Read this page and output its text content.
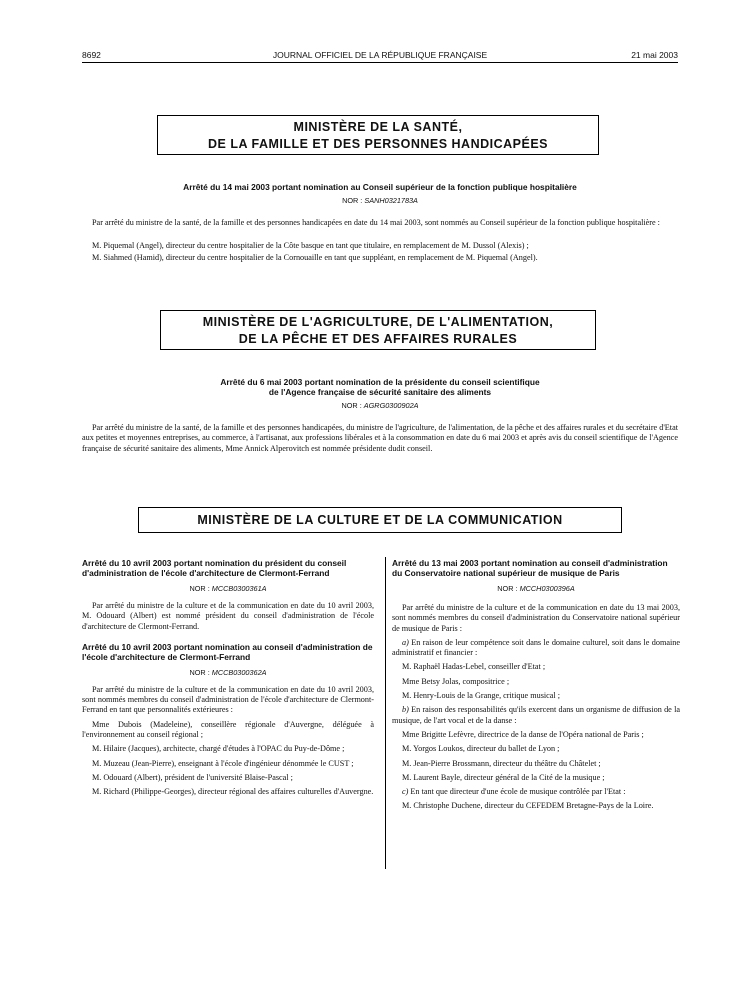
8692	JOURNAL OFFICIEL DE LA RÉPUBLIQUE FRANÇAISE	21 mai 2003
MINISTÈRE DE LA SANTÉ,
DE LA FAMILLE ET DES PERSONNES HANDICAPÉES
Arrêté du 14 mai 2003 portant nomination au Conseil supérieur de la fonction publique hospitalière
NOR : SANH0321783A
Par arrêté du ministre de la santé, de la famille et des personnes handicapées en date du 14 mai 2003, sont nommés au Conseil supérieur de la fonction publique hospitalière :
M. Piquemal (Angel), directeur du centre hospitalier de la Côte basque en tant que titulaire, en remplacement de M. Dussol (Alexis) ;
M. Siahmed (Hamid), directeur du centre hospitalier de la Cornouaille en tant que suppléant, en remplacement de M. Piquemal (Angel).
MINISTÈRE DE L'AGRICULTURE, DE L'ALIMENTATION,
DE LA PÊCHE ET DES AFFAIRES RURALES
Arrêté du 6 mai 2003 portant nomination de la présidente du conseil scientifique
de l'Agence française de sécurité sanitaire des aliments
NOR : AGRG0300902A
Par arrêté du ministre de la santé, de la famille et des personnes handicapées, du ministre de l'agriculture, de l'alimentation, de la pêche et des affaires rurales et du secrétaire d'Etat aux petites et moyennes entreprises, au commerce, à l'artisanat, aux professions libérales et à la consommation en date du 6 mai 2003 et après avis du conseil scientifique de l'Agence française de sécurité sanitaire des aliments, Mme Annick Alperovitch est nommée présidente dudit conseil.
MINISTÈRE DE LA CULTURE ET DE LA COMMUNICATION

Arrêté du 10 avril 2003 portant nomination du président du conseil d'administration de l'école d'architecture de Clermont-Ferrand

NOR : MCCB0300361A

Par arrêté du ministre de la culture et de la communication en date du 10 avril 2003, M. Odouard (Albert) est nommé président du conseil d'administration de l'école d'architecture de Clermont-Ferrand.

Arrêté du 10 avril 2003 portant nomination au conseil d'administration de l'école d'architecture de Clermont-Ferrand

NOR : MCCB0300362A

Par arrêté du ministre de la culture et de la communication en date du 10 avril 2003, sont nommés membres du conseil d'administration de l'école d'architecture de Clermont-Ferrand en tant que personnalités extérieures :

Mme Dubois (Madeleine), conseillère régionale d'Auvergne, déléguée à l'environnement au conseil régional ;

M. Hilaire (Jacques), architecte, chargé d'études à l'OPAC du Puy-de-Dôme ;

M. Muzeau (Jean-Pierre), enseignant à l'école d'ingénieur dénommée le CUST ;

M. Odouard (Albert), président de l'université Blaise-Pascal ;

M. Richard (Philippe-Georges), directeur régional des affaires culturelles d'Auvergne.

Arrêté du 13 mai 2003 portant nomination au conseil d'administration du Conservatoire national supérieur de musique de Paris

NOR : MCCH0300396A

Par arrêté du ministre de la culture et de la communication en date du 13 mai 2003, sont nommés membres du conseil d'administration du Conservatoire national supérieur de musique de Paris :

a) En raison de leur compétence soit dans le domaine culturel, soit dans le domaine administratif et financier :

M. Raphaël Hadas-Lebel, conseiller d'Etat ;

Mme Betsy Jolas, compositrice ;

M. Henry-Louis de la Grange, critique musical ;

b) En raison des responsabilités qu'ils exercent dans un organisme de diffusion de la musique, de l'art vocal et de la danse :

Mme Brigitte Lefèvre, directrice de la danse de l'Opéra national de Paris ;

M. Yorgos Loukos, directeur du ballet de Lyon ;

M. Jean-Pierre Brossmann, directeur du théâtre du Châtelet ;

M. Laurent Bayle, directeur général de la Cité de la musique ;

c) En tant que directeur d'une école de musique contrôlée par l'Etat :

M. Christophe Duchene, directeur du CEFEDEM Bretagne-Pays de la Loire.
